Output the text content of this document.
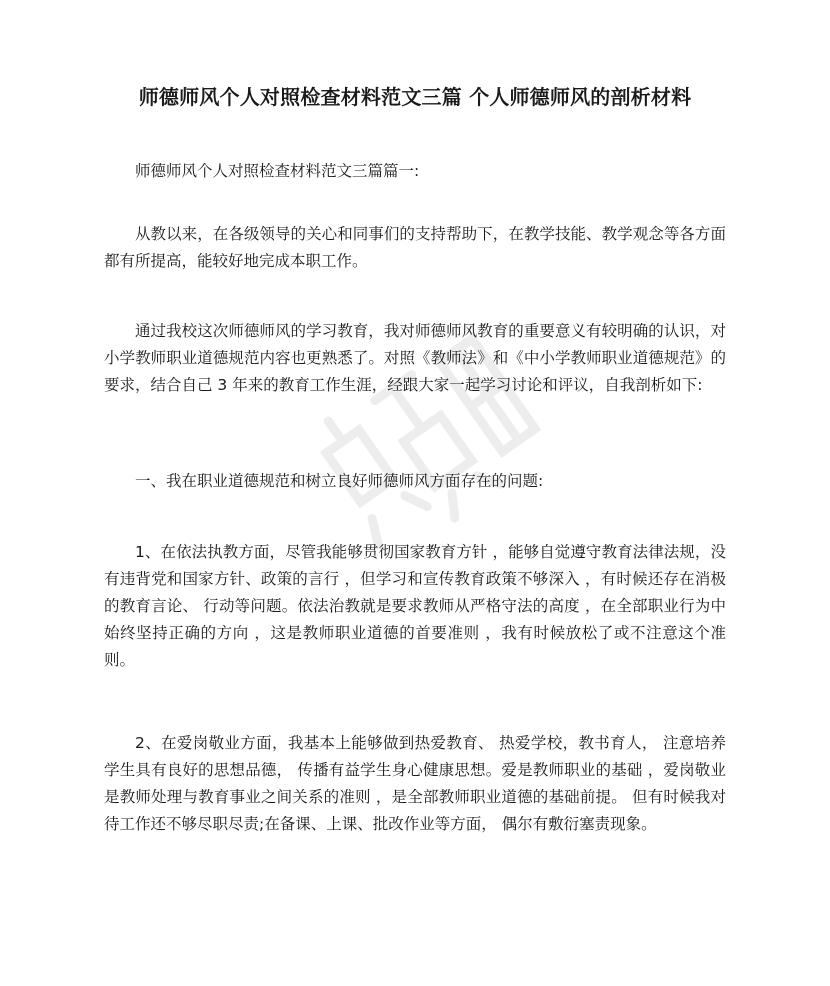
师德师风个人对照检查材料范文三篇 个人师德师风的剖析材料

师德师风个人对照检查材料范文三篇篇一:

从教以来，在各级领导的关心和同事们的支持帮助下，在教学技能、教学观念等各方面都有所提高，能较好地完成本职工作。

通过我校这次师德师风的学习教育，我对师德师风教育的重要意义有较明确的认识，对小学教师职业道德规范内容也更熟悉了。对照《教师法》和《中小学教师职业道德规范》的要求，结合自己 3 年来的教育工作生涯，经跟大家一起学习讨论和评议，自我剖析如下:

一、我在职业道德规范和树立良好师德师风方面存在的问题:

1、在依法执教方面，尽管我能够贯彻国家教育方针 ，能够自觉遵守教育法律法规，没有违背党和国家方针、政策的言行 ，但学习和宣传教育政策不够深入 ，有时候还存在消极的教育言论、 行动等问题。依法治教就是要求教师从严格守法的高度 ，在全部职业行为中始终坚持正确的方向 ，这是教师职业道德的首要准则 ，我有时候放松了或不注意这个准则。

2、在爱岗敬业方面，我基本上能够做到热爱教育、 热爱学校，教书育人， 注意培养学生具有良好的思想品德， 传播有益学生身心健康思想。爱是教师职业的基础 ，爱岗敬业是教师处理与教育事业之间关系的准则 ，是全部教师职业道德的基础前提。 但有时候我对待工作还不够尽职尽责;在备课、上课、批改作业等方面， 偶尔有敷衍塞责现象。
